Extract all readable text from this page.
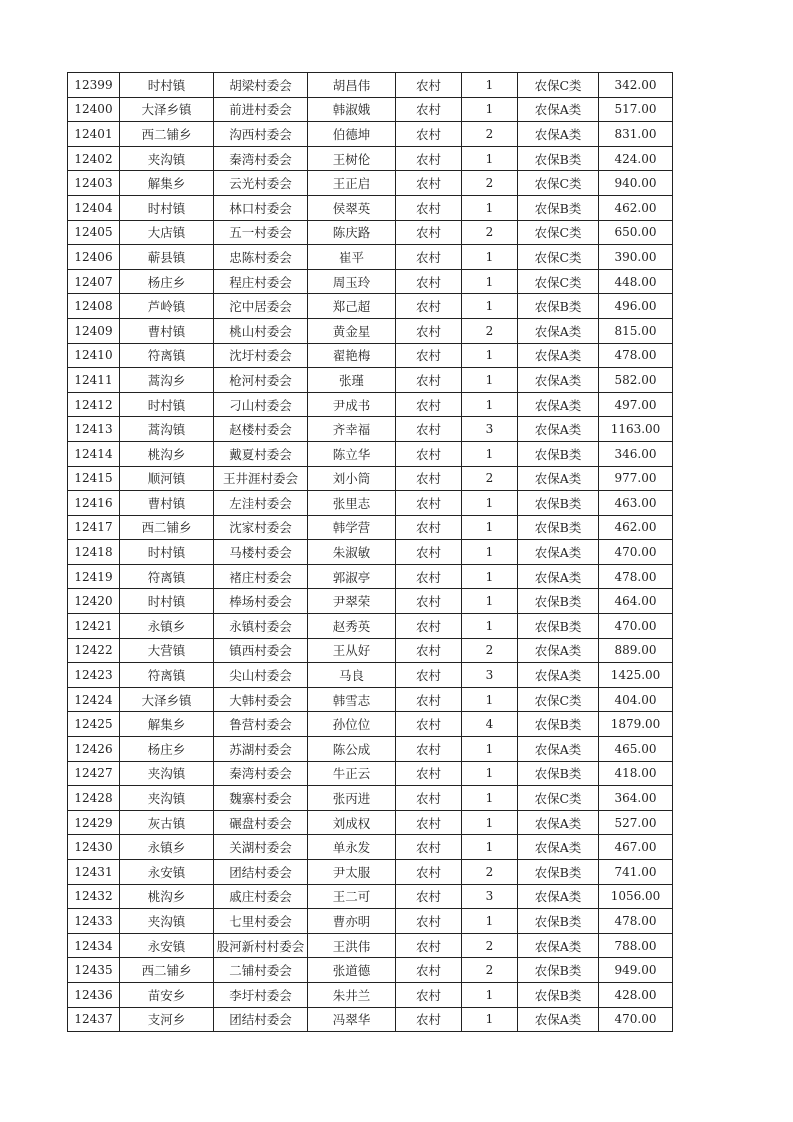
12399	时村镇	胡梁村委会	胡昌伟	农村	1	农保C类	342.00
12400	大泽乡镇	前进村委会	韩淑娥	农村	1	农保A类	517.00
12401	西二铺乡	沟西村委会	伯德坤	农村	2	农保A类	831.00
12402	夹沟镇	秦湾村委会	王树伦	农村	1	农保B类	424.00
12403	解集乡	云光村委会	王正启	农村	2	农保C类	940.00
12404	时村镇	林口村委会	侯翠英	农村	1	农保B类	462.00
12405	大店镇	五一村委会	陈庆路	农村	2	农保C类	650.00
12406	蕲县镇	忠陈村委会	崔平	农村	1	农保C类	390.00
12407	杨庄乡	程庄村委会	周玉玲	农村	1	农保C类	448.00
12408	芦岭镇	沱中居委会	郑己超	农村	1	农保B类	496.00
12409	曹村镇	桃山村委会	黄金星	农村	2	农保A类	815.00
12410	符离镇	沈圩村委会	翟艳梅	农村	1	农保A类	478.00
12411	蒿沟乡	枪河村委会	张瑾	农村	1	农保A类	582.00
12412	时村镇	刁山村委会	尹成书	农村	1	农保A类	497.00
12413	蒿沟镇	赵楼村委会	齐幸福	农村	3	农保A类	1163.00
12414	桃沟乡	戴夏村委会	陈立华	农村	1	农保B类	346.00
12415	顺河镇	王井涯村委会	刘小筒	农村	2	农保A类	977.00
12416	曹村镇	左洼村委会	张里志	农村	1	农保B类	463.00
12417	西二铺乡	沈家村委会	韩学营	农村	1	农保B类	462.00
12418	时村镇	马楼村委会	朱淑敏	农村	1	农保A类	470.00
12419	符离镇	褚庄村委会	郭淑亭	农村	1	农保A类	478.00
12420	时村镇	棒场村委会	尹翠荣	农村	1	农保B类	464.00
12421	永镇乡	永镇村委会	赵秀英	农村	1	农保B类	470.00
12422	大营镇	镇西村委会	王从好	农村	2	农保A类	889.00
12423	符离镇	尖山村委会	马良	农村	3	农保A类	1425.00
12424	大泽乡镇	大韩村委会	韩雪志	农村	1	农保C类	404.00
12425	解集乡	鲁营村委会	孙位位	农村	4	农保B类	1879.00
12426	杨庄乡	苏湖村委会	陈公成	农村	1	农保A类	465.00
12427	夹沟镇	秦湾村委会	牛正云	农村	1	农保B类	418.00
12428	夹沟镇	魏寨村委会	张丙进	农村	1	农保C类	364.00
12429	灰古镇	碾盘村委会	刘成权	农村	1	农保A类	527.00
12430	永镇乡	关湖村委会	单永发	农村	1	农保A类	467.00
12431	永安镇	团结村委会	尹太服	农村	2	农保B类	741.00
12432	桃沟乡	戚庄村委会	王二可	农村	3	农保A类	1056.00
12433	夹沟镇	七里村委会	曹亦明	农村	1	农保B类	478.00
12434	永安镇	股河新村村委会	王洪伟	农村	2	农保A类	788.00
12435	西二铺乡	二铺村委会	张道德	农村	2	农保B类	949.00
12436	苗安乡	李圩村委会	朱井兰	农村	1	农保B类	428.00
12437	支河乡	团结村委会	冯翠华	农村	1	农保A类	470.00
